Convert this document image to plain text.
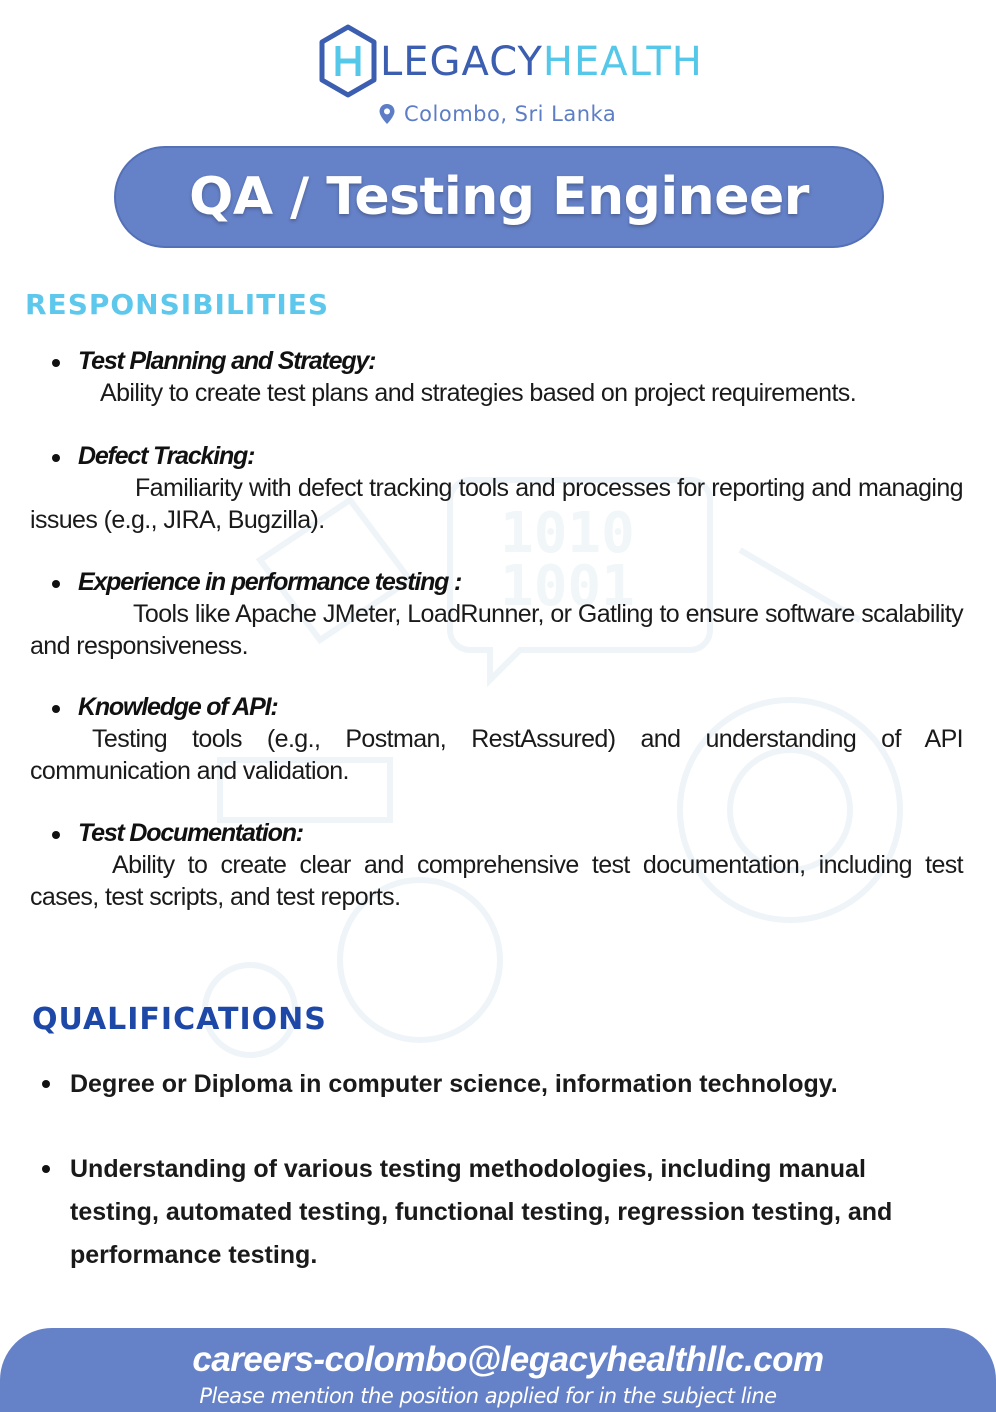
1010
1001
LEGACYHEALTH
Colombo, Sri Lanka
QA / Testing Engineer
RESPONSIBILITIES
Test Planning and Strategy:
Ability to create test plans and strategies based on project requirements.
Defect Tracking:
Familiarity with defect tracking tools and processes for reporting and managing issues (e.g., JIRA, Bugzilla).
Experience in performance testing :
Tools like Apache JMeter, LoadRunner, or Gatling to ensure software scalability and responsiveness.
Knowledge of API:
Testing tools (e.g., Postman, RestAssured) and understanding of API communication and validation.
Test Documentation:
Ability to create clear and comprehensive test documentation, including test cases, test scripts, and test reports.
QUALIFICATIONS
Degree or Diploma in computer science, information technology.
Understanding of various testing methodologies, including manual testing, automated testing, functional testing, regression testing, and performance testing.
careers-colombo@legacyhealthllc.com
Please mention the position applied for in the subject line
